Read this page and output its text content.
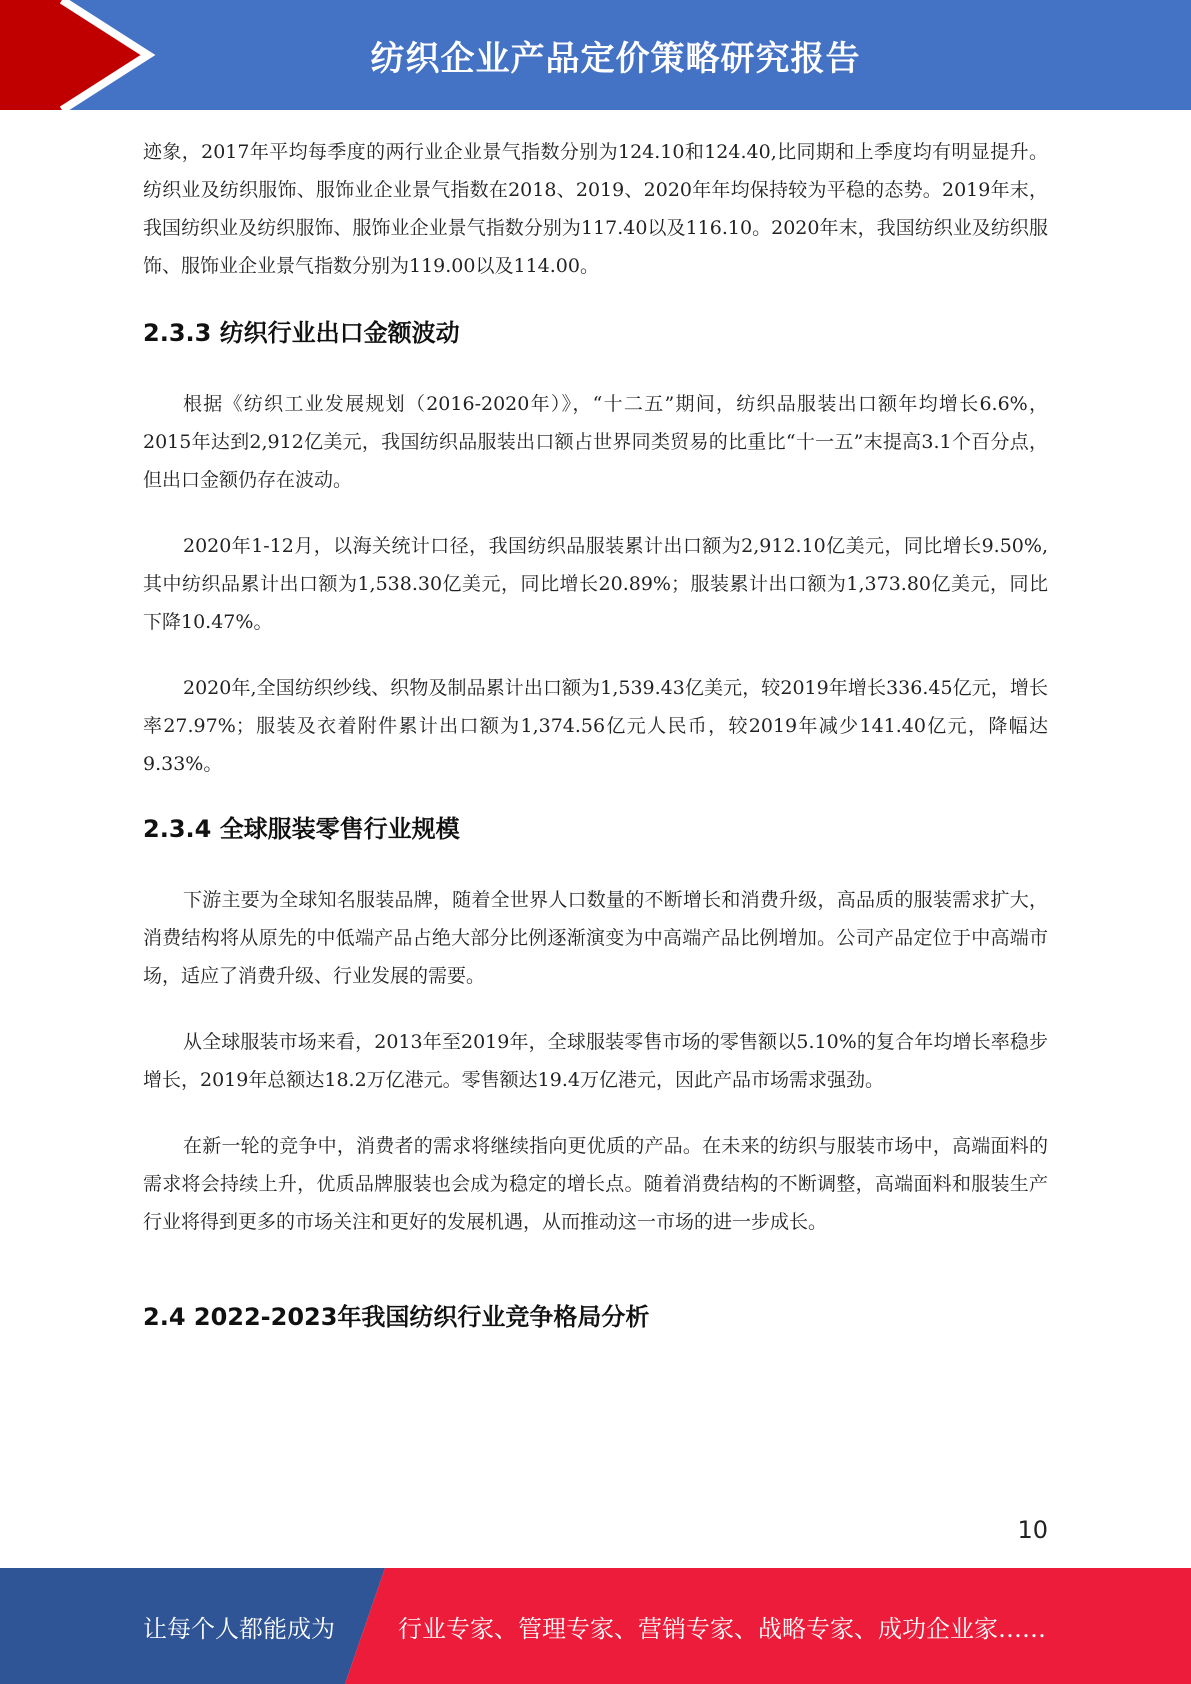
纺织企业产品定价策略研究报告

迹象，2017年平均每季度的两行业企业景气指数分别为124.10和124.40,比同期和上季度均有明显提升。纺织业及纺织服饰、服饰业企业景气指数在2018、2019、2020年年均保持较为平稳的态势。2019年末，我国纺织业及纺织服饰、服饰业企业景气指数分别为117.40以及116.10。2020年末，我国纺织业及纺织服饰、服饰业企业景气指数分别为119.00以及114.00。

2.3.3 纺织行业出口金额波动

根据《纺织工业发展规划（2016-2020年）》，“十二五”期间，纺织品服装出口额年均增长6.6%，2015年达到2,912亿美元，我国纺织品服装出口额占世界同类贸易的比重比“十一五”末提高3.1个百分点，但出口金额仍存在波动。

2020年1-12月，以海关统计口径，我国纺织品服装累计出口额为2,912.10亿美元，同比增长9.50%,其中纺织品累计出口额为1,538.30亿美元，同比增长20.89%；服装累计出口额为1,373.80亿美元，同比下降10.47%。

2020年,全国纺织纱线、织物及制品累计出口额为1,539.43亿美元，较2019年增长336.45亿元，增长率27.97%；服装及衣着附件累计出口额为1,374.56亿元人民币，较2019年减少141.40亿元，降幅达9.33%。

2.3.4 全球服装零售行业规模

下游主要为全球知名服装品牌，随着全世界人口数量的不断增长和消费升级，高品质的服装需求扩大，消费结构将从原先的中低端产品占绝大部分比例逐渐演变为中高端产品比例增加。公司产品定位于中高端市场，适应了消费升级、行业发展的需要。

从全球服装市场来看，2013年至2019年，全球服装零售市场的零售额以5.10%的复合年均增长率稳步增长，2019年总额达18.2万亿港元。零售额达19.4万亿港元，因此产品市场需求强劲。

在新一轮的竞争中，消费者的需求将继续指向更优质的产品。在未来的纺织与服装市场中，高端面料的需求将会持续上升，优质品牌服装也会成为稳定的增长点。随着消费结构的不断调整，高端面料和服装生产行业将得到更多的市场关注和更好的发展机遇，从而推动这一市场的进一步成长。

2.4 2022-2023年我国纺织行业竞争格局分析
10
让每个人都能成为	行业专家、管理专家、营销专家、战略专家、成功企业家……
